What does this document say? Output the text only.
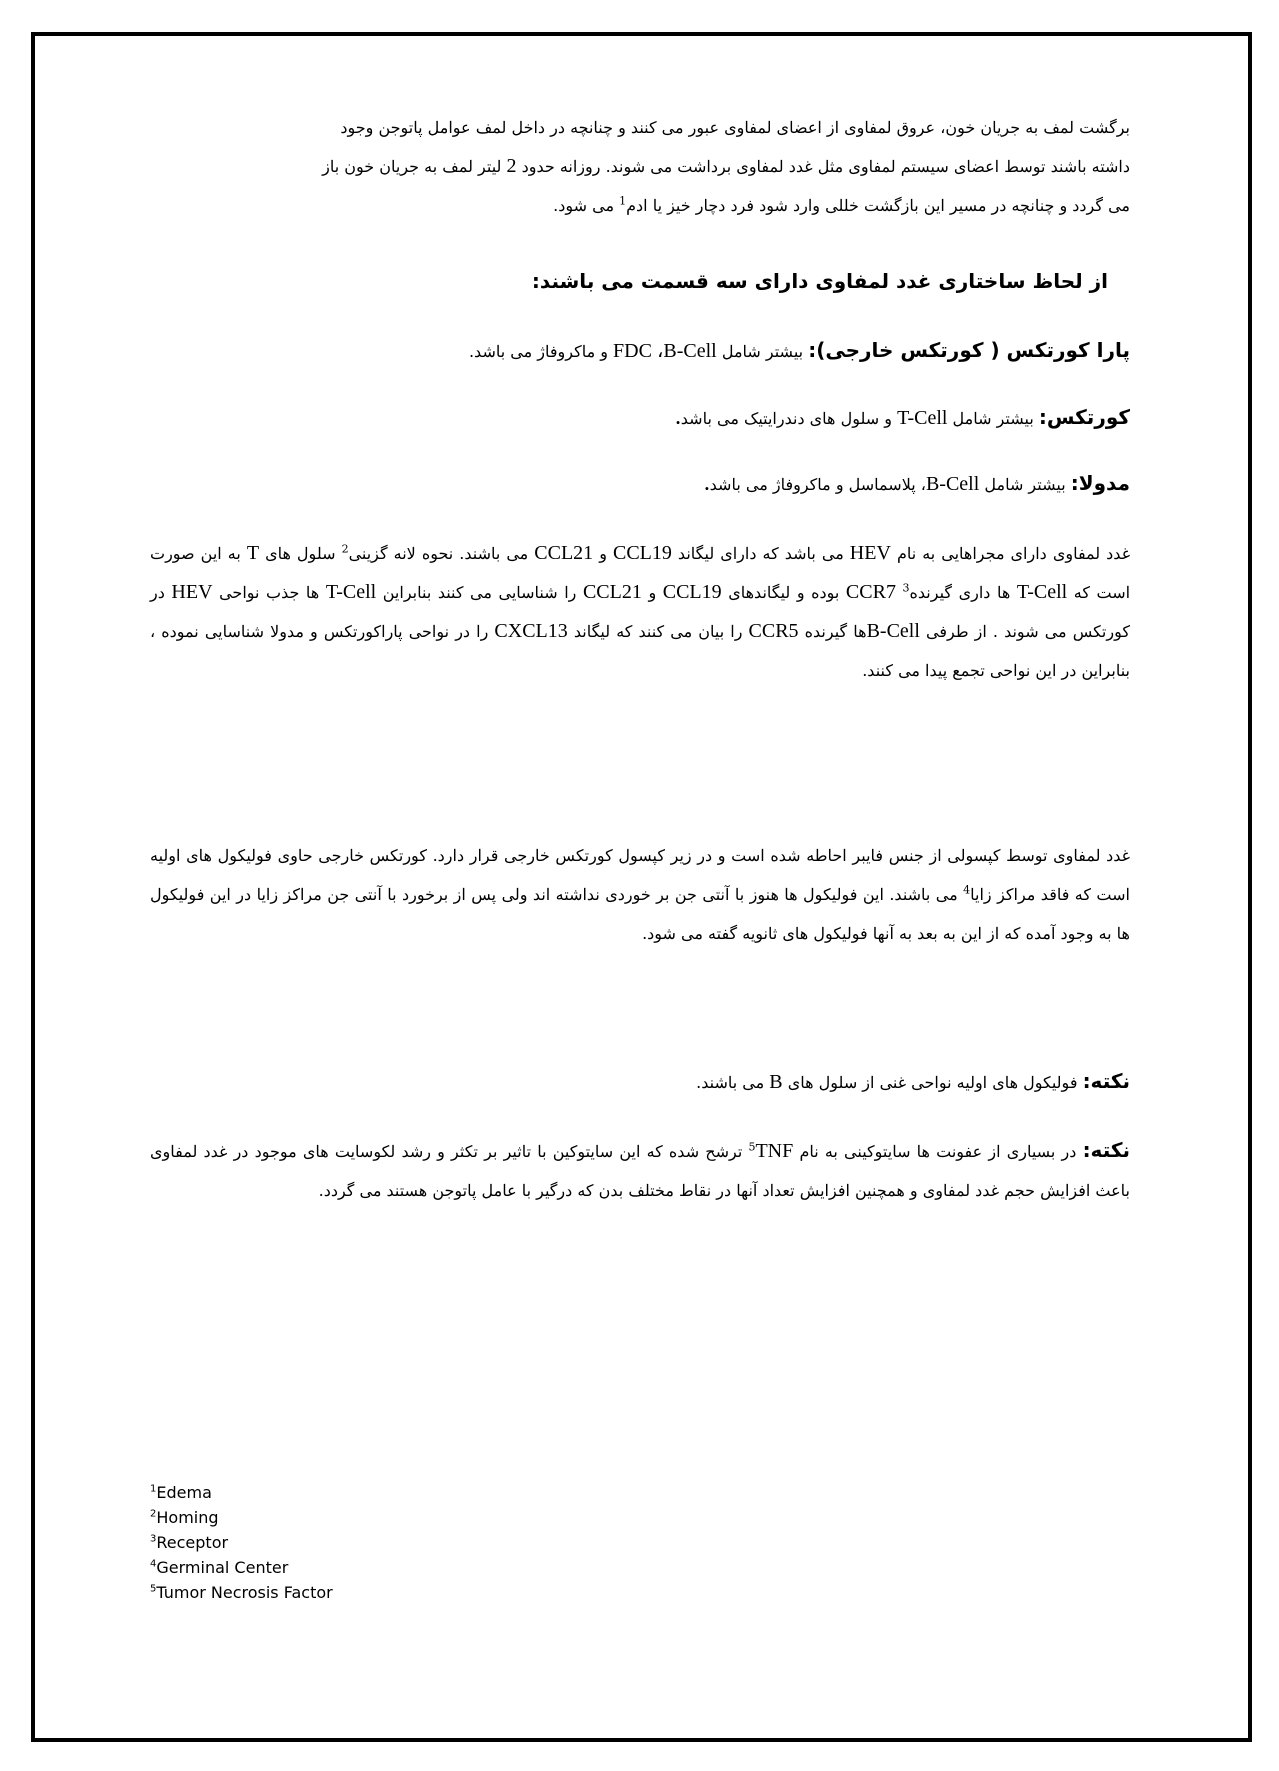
برگشت لمف به جریان خون، عروق لمفاوی از اعضای لمفاوی عبور می کنند و چنانچه در داخل لمف عوامل پاتوجن وجود

داشته باشند توسط اعضای سیستم لمفاوی مثل غدد لمفاوی برداشت می شوند. روزانه حدود 2 لیتر لمف به جریان خون باز

می گردد و چنانچه در مسیر این بازگشت خللی وارد شود فرد دچار خیز یا ادم$^1$ می شود.

از لحاظ ساختاری غدد لمفاوی دارای سه قسمت می باشند:

پارا کورتکس ( کورتکس خارجی): بیشتر شامل FDC ،B-Cell و ماکروفاژ می باشد.

کورتکس: بیشتر شامل T-Cell و سلول های دندرایتیک می باشد.

مدولا: بیشتر شامل B-Cell، پلاسماسل و ماکروفاژ می باشد.

غدد لمفاوی دارای مجراهایی به نام HEV می باشد که دارای لیگاند CCL19 و CCL21 می باشند. نحوه لانه گزینی$^2$ سلول های T به این صورت است که T-Cell ها داری گیرنده$^3$ CCR7 بوده و لیگاندهای CCL19 و CCL21 را شناسایی می کنند بنابراین T-Cell ها جذب نواحی HEV در کورتکس می شوند . از طرفی B-Cellها گیرنده CCR5 را بیان می کنند که لیگاند CXCL13 را در نواحی پاراکورتکس و مدولا شناسایی نموده ، بنابراین در این نواحی تجمع پیدا می کنند.

غدد لمفاوی توسط کپسولی از جنس فایبر احاطه شده است و در زیر کپسول کورتکس خارجی قرار دارد. کورتکس خارجی حاوی فولیکول های اولیه است که فاقد مراکز زایا$^4$ می باشند. این فولیکول ها هنوز با آنتی جن بر خوردی نداشته اند ولی پس از برخورد با آنتی جن مراکز زایا در این فولیکول ها به وجود آمده که از این به بعد به آنها فولیکول های ثانویه گفته می شود.

نکته: فولیکول های اولیه نواحی غنی از سلول های B می باشند.

نکته: در بسیاری از عفونت ها سایتوکینی به نام TNF$^5$ ترشح شده که این سایتوکین با تاثیر بر تکثر و رشد لکوسایت های موجود در غدد لمفاوی باعث افزایش حجم غدد لمفاوی و همچنین افزایش تعداد آنها در نقاط مختلف بدن که درگیر با عامل پاتوجن هستند می گردد.

$^1$Edema
$^2$Homing
$^3$Receptor
$^4$Germinal Center
$^5$Tumor Necrosis Factor
